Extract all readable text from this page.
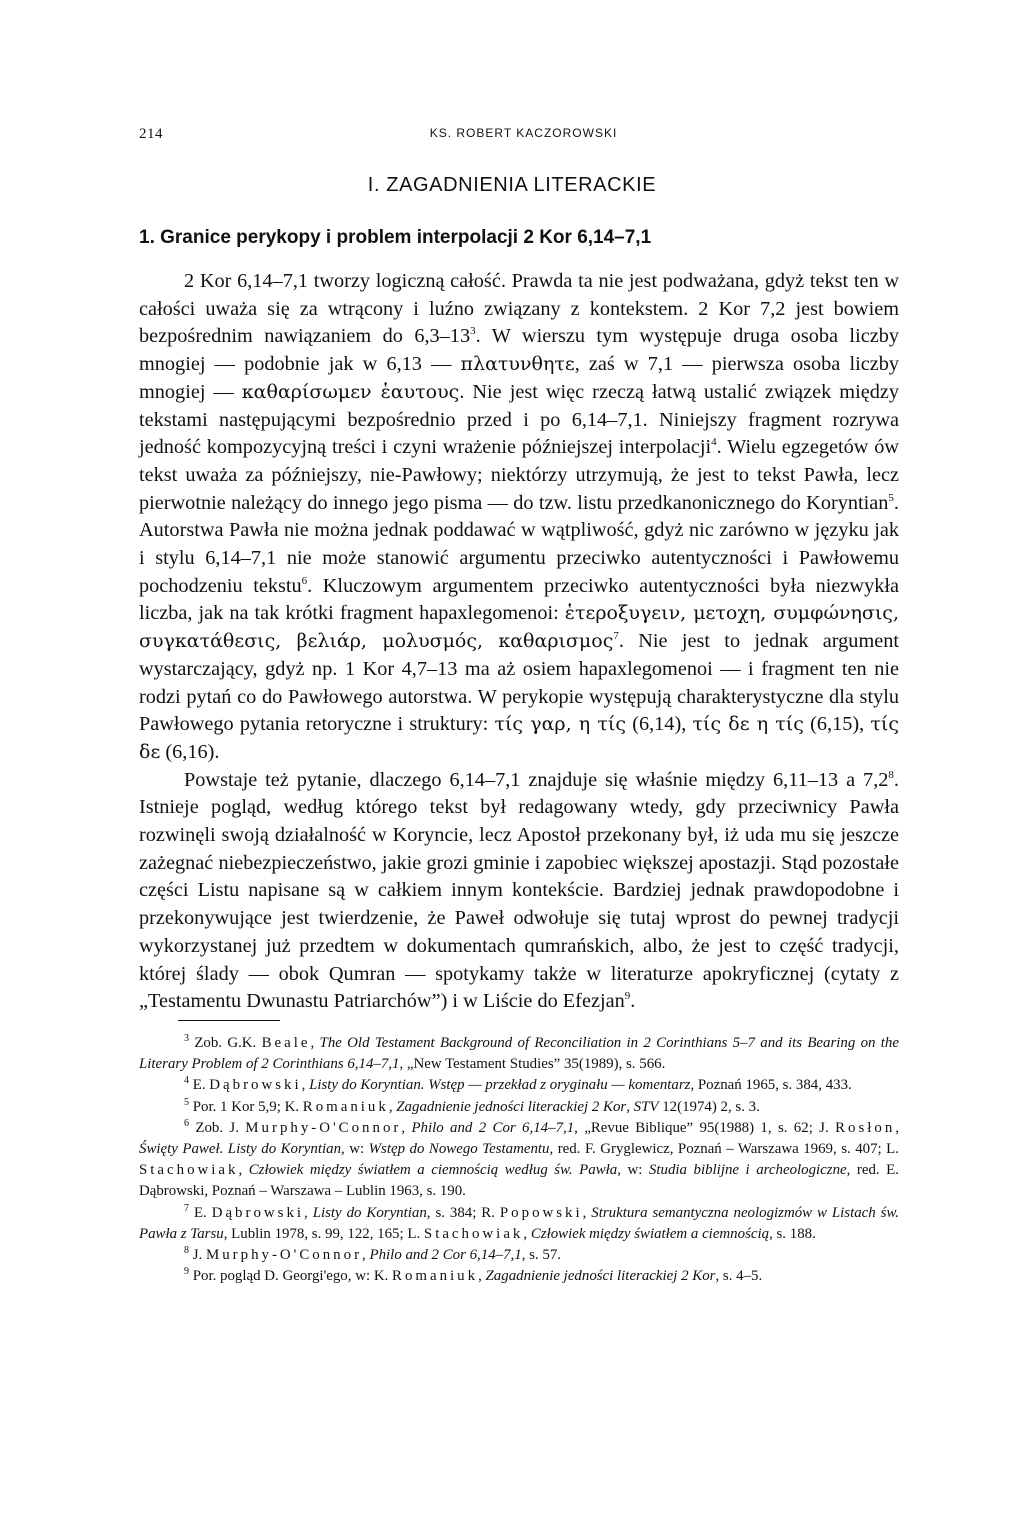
214	KS. ROBERT KACZOROWSKI
I. ZAGADNIENIA LITERACKIE
1. Granice perykopy i problem interpolacji 2 Kor 6,14–7,1

2 Kor 6,14–7,1 tworzy logiczną całość. Prawda ta nie jest podważana, gdyż tekst ten w całości uważa się za wtrącony i luźno związany z kontekstem. 2 Kor 7,2 jest bowiem bezpośrednim nawiązaniem do $6,3-13^3$. W wierszu tym występuje druga osoba liczby mnogiej — podobnie jak w 6,13 — πλατυνθητε, zaś w 7,1 — pierwsza osoba liczby mnogiej — καθαρίσωμεν ἑαυτους. Nie jest więc rzeczą łatwą ustalić związek między tekstami następującymi bezpośrednio przed i po 6,14–7,1. Niniejszy fragment rozrywa jedność kompozycyjną treści i czyni wrażenie późniejszej interpolacji$^4$. Wielu egzegetów ów tekst uważa za późniejszy, nie-Pawłowy; niektórzy utrzymują, że jest to tekst Pawła, lecz pierwotnie należący do innego jego pisma — do tzw. listu przedkanonicznego do Koryntian$^5$. Autorstwa Pawła nie można jednak poddawać w wątpliwość, gdyż nic zarówno w języku jak i stylu 6,14–7,1 nie może stanowić argumentu przeciwko autentyczności i Pawłowemu pochodzeniu tekstu$^6$. Kluczowym argumentem przeciwko autentyczności była niezwykła liczba, jak na tak krótki fragment hapaxlegomenoi: ἑτεροξυγειν, μετοχη, συμφώνησις, συγκατάθεσις, βελιάρ, μολυσμός, καθαρισμος$^7$. Nie jest to jednak argument wystarczający, gdyż np. 1 Kor 4,7–13 ma aż osiem hapaxlegomenoi — i fragment ten nie rodzi pytań co do Pawłowego autorstwa. W perykopie występują charakterystyczne dla stylu Pawłowego pytania retoryczne i struktury: τίς γαρ, η τίς (6,14), τίς δε η τίς (6,15), τίς δε (6,16).

Powstaje też pytanie, dlaczego 6,14–7,1 znajduje się właśnie między 6,11–13 a $7,2^8$. Istnieje pogląd, według którego tekst był redagowany wtedy, gdy przeciwnicy Pawła rozwinęli swoją działalność w Koryncie, lecz Apostoł przekonany był, iż uda mu się jeszcze zażegnać niebezpieczeństwo, jakie grozi gminie i zapobiec większej apostazji. Stąd pozostałe części Listu napisane są w całkiem innym kontekście. Bardziej jednak prawdopodobne i przekonywujące jest twierdzenie, że Paweł odwołuje się tutaj wprost do pewnej tradycji wykorzystanej już przedtem w dokumentach qumrańskich, albo, że jest to część tradycji, której ślady — obok Qumran — spotykamy także w literaturze apokryficznej (cytaty z „Testamentu Dwunastu Patriarchów”) i w Liście do Efezjan$^9$.

$^3$ Zob. G.K. Beale, The Old Testament Background of Reconciliation in 2 Corinthians 5–7 and its Bearing on the Literary Problem of 2 Corinthians 6,14–7,1, „New Testament Studies” 35(1989), s. 566.

$^4$ E. Dąbrowski, Listy do Koryntian. Wstęp — przekład z oryginału — komentarz, Poznań 1965, s. 384, 433.

$^5$ Por. 1 Kor 5,9; K. Romaniuk, Zagadnienie jedności literackiej 2 Kor, STV 12(1974) 2, s. 3.

$^6$ Zob. J. Murphy-O'Connor, Philo and 2 Cor 6,14–7,1, „Revue Biblique” 95(1988) 1, s. 62; J. Rosłon, Święty Paweł. Listy do Koryntian, w: Wstęp do Nowego Testamentu, red. F. Gryglewicz, Poznań – Warszawa 1969, s. 407; L. Stachowiak, Człowiek między światłem a ciemnością według św. Pawła, w: Studia biblijne i archeologiczne, red. E. Dąbrowski, Poznań – Warszawa – Lublin 1963, s. 190.

$^7$ E. Dąbrowski, Listy do Koryntian, s. 384; R. Popowski, Struktura semantyczna neologizmów w Listach św. Pawła z Tarsu, Lublin 1978, s. 99, 122, 165; L. Stachowiak, Człowiek między światłem a ciemnością, s. 188.

$^8$ J. Murphy-O'Connor, Philo and 2 Cor 6,14–7,1, s. 57.

$^9$ Por. pogląd D. Georgi'ego, w: K. Romaniuk, Zagadnienie jedności literackiej 2 Kor, s. 4–5.
